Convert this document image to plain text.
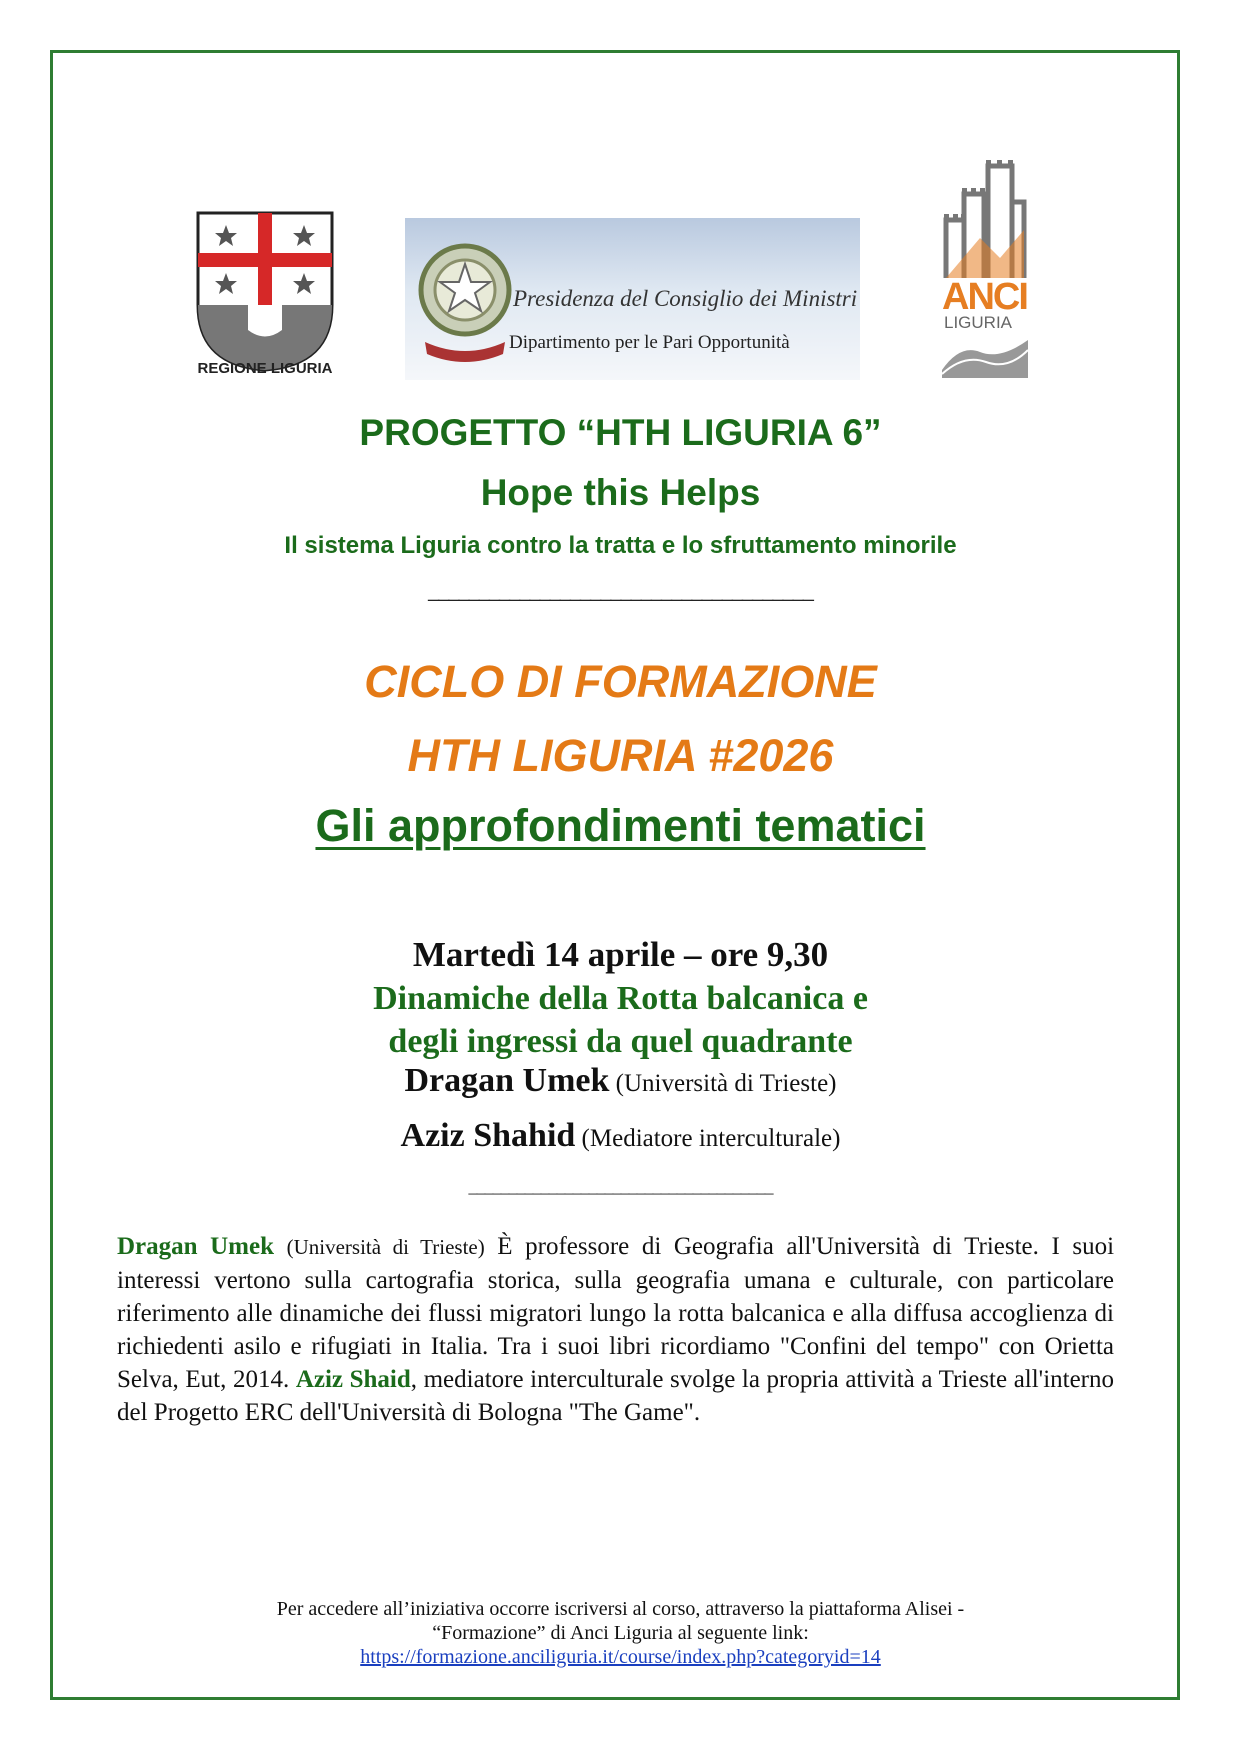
REGIONE LIGURIA
Presidenza del Consiglio dei Ministri
Dipartimento per le Pari Opportunità
ANCI
LIGURIA
PROGETTO “HTH LIGURIA 6”
Hope this Helps
Il sistema Liguria contro la tratta e lo sfruttamento minorile
______________________________________
CICLO DI FORMAZIONE
HTH LIGURIA #2026
Gli approfondimenti tematici
Martedì 14 aprile – ore 9,30
Dinamiche della Rotta balcanica e
degli ingressi da quel quadrante
Dragan Umek (Università di Trieste)
Aziz Shahid (Mediatore interculturale)
______________________________________
Dragan Umek (Università di Trieste) È professore di Geografia all'Università di Trieste. I suoi interessi vertono sulla cartografia storica, sulla geografia umana e culturale, con particolare riferimento alle dinamiche dei flussi migratori lungo la rotta balcanica e alla diffusa accoglienza di richiedenti asilo e rifugiati in Italia. Tra i suoi libri ricordiamo "Confini del tempo" con Orietta Selva, Eut, 2014. Aziz Shaid, mediatore interculturale svolge la propria attività a Trieste all'interno del Progetto ERC dell'Università di Bologna "The Game".
Per accedere all’iniziativa occorre iscriversi al corso, attraverso la piattaforma Alisei -
“Formazione” di Anci Liguria al seguente link:
https://formazione.anciliguria.it/course/index.php?categoryid=14
